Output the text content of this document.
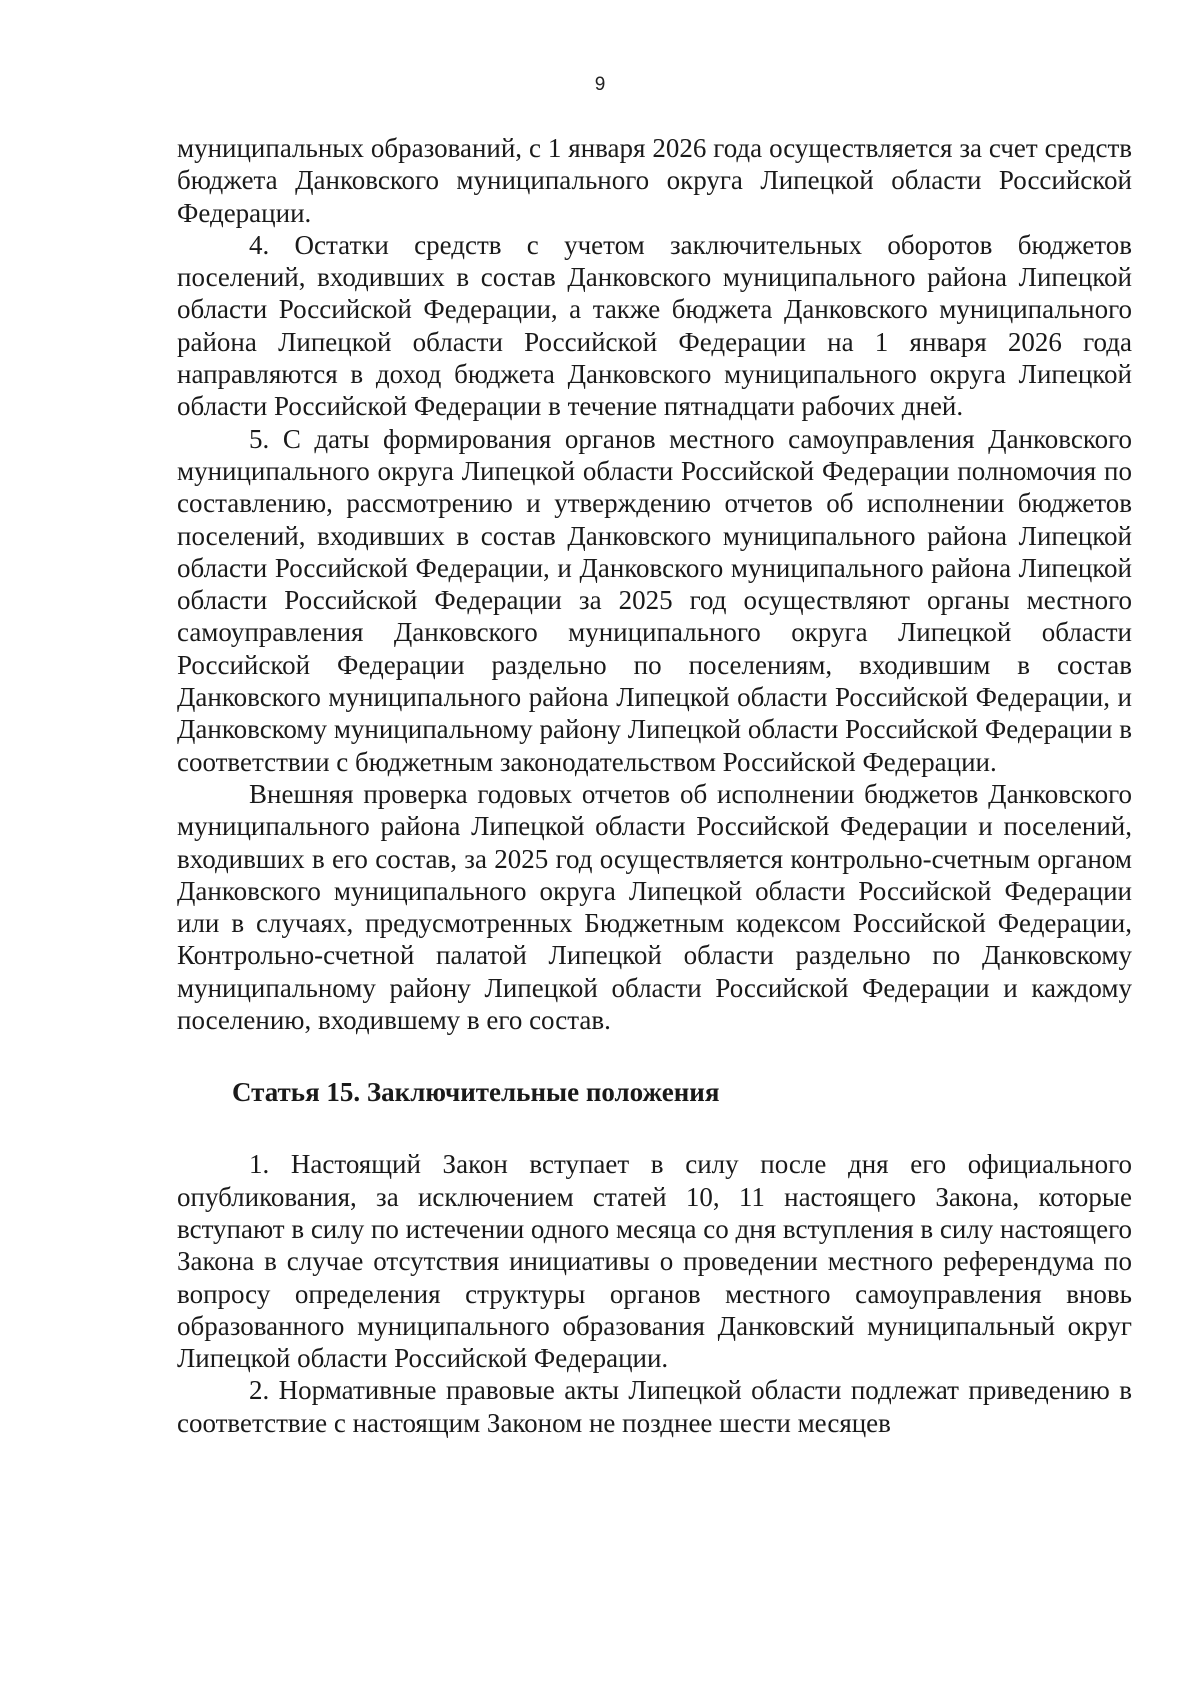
9

муниципальных образований, с 1 января 2026 года осуществляется за счет средств бюджета Данковского муниципального округа Липецкой области Российской Федерации.

4. Остатки средств с учетом заключительных оборотов бюджетов поселений, входивших в состав Данковского муниципального района Липецкой области Российской Федерации, а также бюджета Данковского муниципального района Липецкой области Российской Федерации на 1 января 2026 года направляются в доход бюджета Данковского муниципального округа Липецкой области Российской Федерации в течение пятнадцати рабочих дней.

5. С даты формирования органов местного самоуправления Данковского муниципального округа Липецкой области Российской Федерации полномочия по составлению, рассмотрению и утверждению отчетов об исполнении бюджетов поселений, входивших в состав Данковского муниципального района Липецкой области Российской Федерации, и Данковского муниципального района Липецкой области Российской Федерации за 2025 год осуществляют органы местного самоуправления Данковского муниципального округа Липецкой области Российской Федерации раздельно по поселениям, входившим в состав Данковского муниципального района Липецкой области Российской Федерации, и Данковскому муниципальному району Липецкой области Российской Федерации в соответствии с бюджетным законодательством Российской Федерации.

Внешняя проверка годовых отчетов об исполнении бюджетов Данковского муниципального района Липецкой области Российской Федерации и поселений, входивших в его состав, за 2025 год осуществляется контрольно-счетным органом Данковского муниципального округа Липецкой области Российской Федерации или в случаях, предусмотренных Бюджетным кодексом Российской Федерации, Контрольно-счетной палатой Липецкой области раздельно по Данковскому муниципальному району Липецкой области Российской Федерации и каждому поселению, входившему в его состав.

Статья 15. Заключительные положения

1. Настоящий Закон вступает в силу после дня его официального опубликования, за исключением статей 10, 11 настоящего Закона, которые вступают в силу по истечении одного месяца со дня вступления в силу настоящего Закона в случае отсутствия инициативы о проведении местного референдума по вопросу определения структуры органов местного самоуправления вновь образованного муниципального образования Данковский муниципальный округ Липецкой области Российской Федерации.

2. Нормативные правовые акты Липецкой области подлежат приведению в соответствие с настоящим Законом не позднее шести месяцев
